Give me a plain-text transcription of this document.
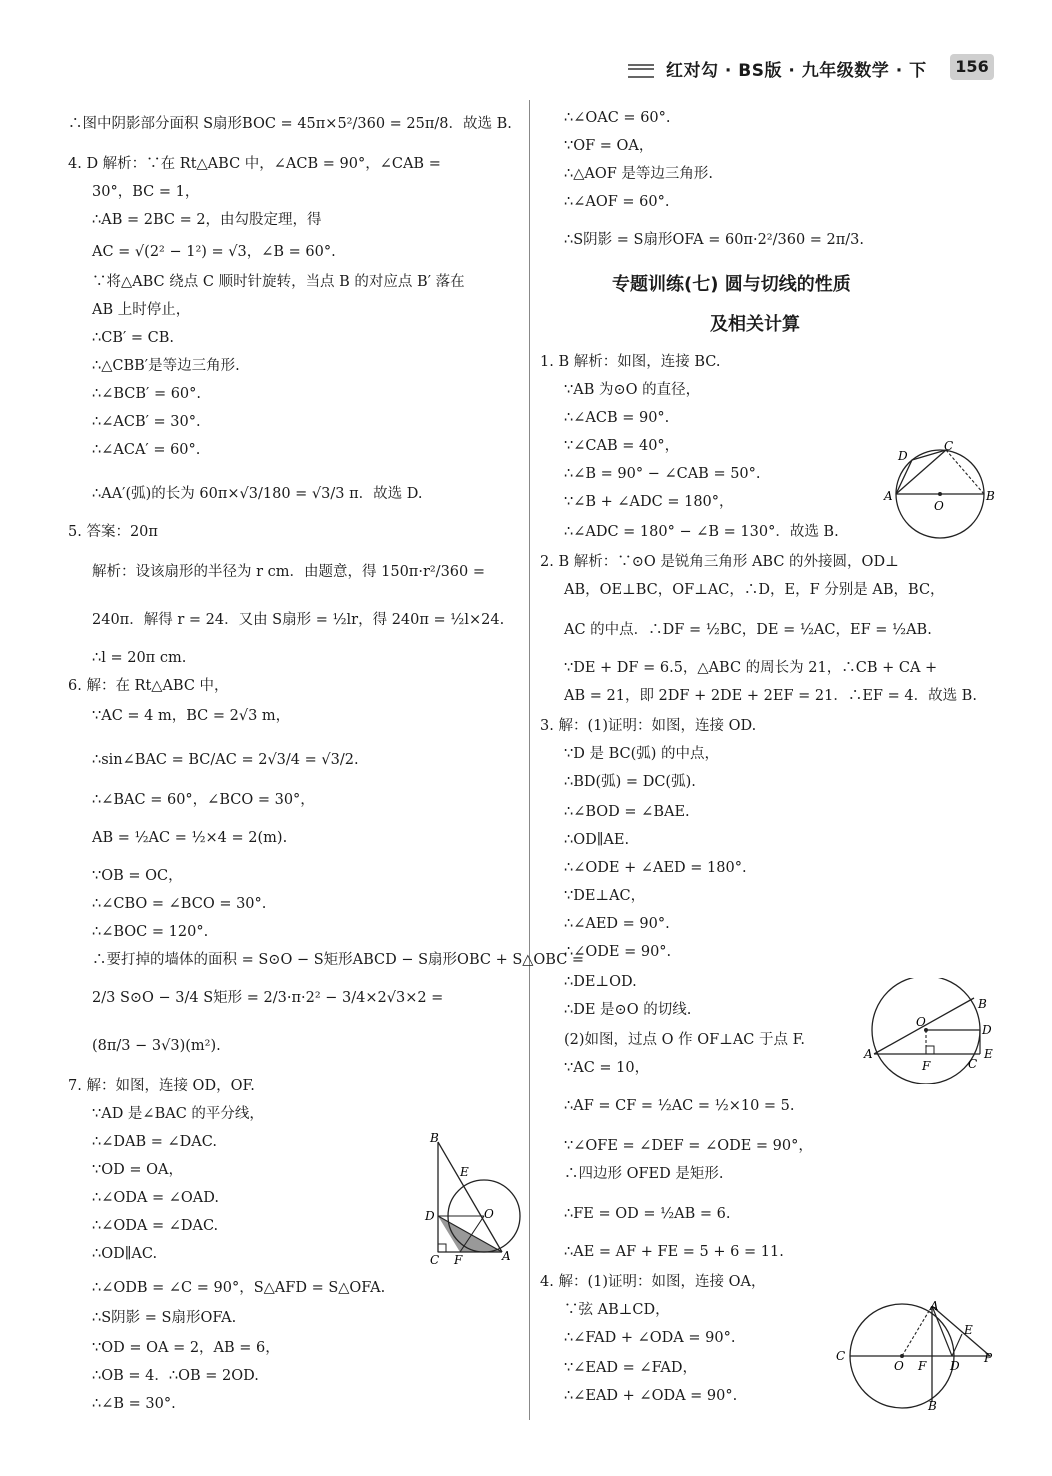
红对勾 · BS版 · 九年级数学 · 下	156
∴图中阴影部分面积 S扇形BOC = 45π×5²/360 = 25π/8．故选 B.
4. D 解析：∵在 Rt△ABC 中，∠ACB = 90°，∠CAB =
30°，BC = 1，
∴AB = 2BC = 2，由勾股定理，得
AC = √(2² − 1²) = √3，∠B = 60°.
∵将△ABC 绕点 C 顺时针旋转，当点 B 的对应点 B′ 落在
AB 上时停止，
∴CB′ = CB.
∴△CBB′是等边三角形.
∴∠BCB′ = 60°.
∴∠ACB′ = 30°.
∴∠ACA′ = 60°.
∴AA′(弧)的长为 60π×√3/180 = √3/3 π．故选 D.
5. 答案：20π
解析：设该扇形的半径为 r cm．由题意，得 150π·r²/360 =
240π．解得 r = 24．又由 S扇形 = ½lr，得 240π = ½l×24.
∴l = 20π cm.
6. 解：在 Rt△ABC 中，
∵AC = 4 m，BC = 2√3 m，
∴sin∠BAC = BC/AC = 2√3/4 = √3/2.
∴∠BAC = 60°，∠BCO = 30°，
AB = ½AC = ½×4 = 2(m).
∵OB = OC，
∴∠CBO = ∠BCO = 30°.
∴∠BOC = 120°.
∴要打掉的墙体的面积 = S⊙O − S矩形ABCD − S扇形OBC + S△OBC =
2/3 S⊙O − 3/4 S矩形 = 2/3·π·2² − 3/4×2√3×2 =
(8π/3 − 3√3)(m²).
7. 解：如图，连接 OD，OF.
∵AD 是∠BAC 的平分线，
∴∠DAB = ∠DAC.
∵OD = OA，
∴∠ODA = ∠OAD.
∴∠ODA = ∠DAC.
∴OD∥AC.
∴∠ODB = ∠C = 90°，S△AFD = S△OFA.
∴S阴影 = S扇形OFA.
∵OD = OA = 2，AB = 6，
∴OB = 4．∴OB = 2OD.
∴∠B = 30°.
B
E
D	O
C F	A
∴∠OAC = 60°.
∵OF = OA，
∴△AOF 是等边三角形.
∴∠AOF = 60°.
∴S阴影 = S扇形OFA = 60π·2²/360 = 2π/3.
专题训练(七) 圆与切线的性质
及相关计算
1. B 解析：如图，连接 BC.
∵AB 为⊙O 的直径，
∴∠ACB = 90°.
∵∠CAB = 40°，
∴∠B = 90° − ∠CAB = 50°.
∵∠B + ∠ADC = 180°，
∴∠ADC = 180° − ∠B = 130°．故选 B.
2. B 解析：∵⊙O 是锐角三角形 ABC 的外接圆，OD⊥
AB，OE⊥BC，OF⊥AC，∴D，E，F 分别是 AB，BC，
AC 的中点．∴DF = ½BC，DE = ½AC，EF = ½AB.
∵DE + DF = 6.5，△ABC 的周长为 21，∴CB + CA +
AB = 21，即 2DF + 2DE + 2EF = 21．∴EF = 4．故选 B.
3. 解：(1)证明：如图，连接 OD.
∵D 是 BC(弧) 的中点，
∴BD(弧) = DC(弧).
∴∠BOD = ∠BAE.
∴OD∥AE.
∴∠ODE + ∠AED = 180°.
∵DE⊥AC，
∴∠AED = 90°.
∴∠ODE = 90°.
∴DE⊥OD.
∴DE 是⊙O 的切线.
(2)如图，过点 O 作 OF⊥AC 于点 F.
∵AC = 10，
∴AF = CF = ½AC = ½×10 = 5.
∵∠OFE = ∠DEF = ∠ODE = 90°，
∴四边形 OFED 是矩形.
∴FE = OD = ½AB = 6.
∴AE = AF + FE = 5 + 6 = 11.
4. 解：(1)证明：如图，连接 OA，
∵弦 AB⊥CD，
∴∠FAD + ∠ODA = 90°.
∵∠EAD = ∠FAD，
∴∠EAD + ∠ODA = 90°.
D
C
A
O
B
B
O
D
A
F	C
E
A
E
C
O F D
P
B
